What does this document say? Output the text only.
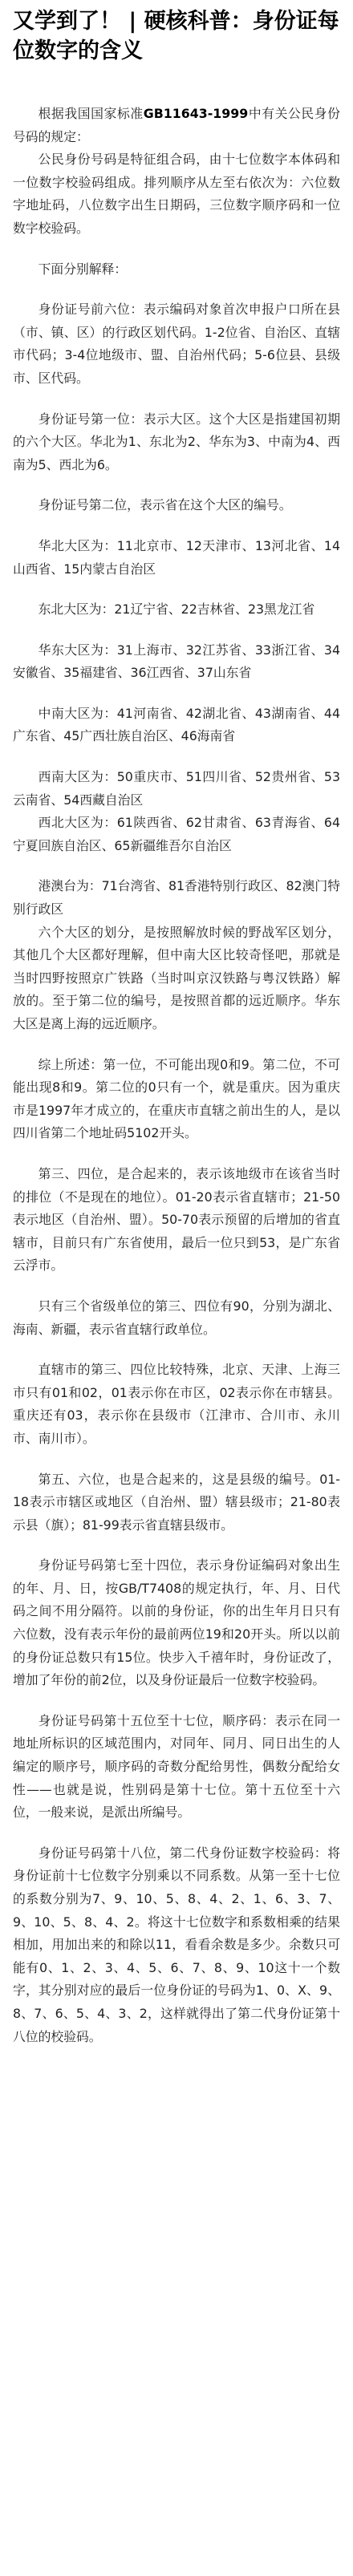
又学到了！ | 硬核科普：身份证每位数字的含义

根据我国国家标准GB11643-1999中有关公民身份号码的规定：

公民身份号码是特征组合码，由十七位数字本体码和一位数字校验码组成。排列顺序从左至右依次为：六位数字地址码，八位数字出生日期码，三位数字顺序码和一位数字校验码。

下面分别解释：

身份证号前六位：表示编码对象首次申报户口所在县（市、镇、区）的行政区划代码。1-2位省、自治区、直辖市代码；3-4位地级市、盟、自治州代码；5-6位县、县级市、区代码。

身份证号第一位：表示大区。这个大区是指建国初期的六个大区。华北为1、东北为2、华东为3、中南为4、西南为5、西北为6。

身份证号第二位，表示省在这个大区的编号。

华北大区为：11北京市、12天津市、13河北省、14山西省、15内蒙古自治区

东北大区为：21辽宁省、22吉林省、23黑龙江省

华东大区为：31上海市、32江苏省、33浙江省、34安徽省、35福建省、36江西省、37山东省

中南大区为：41河南省、42湖北省、43湖南省、44广东省、45广西壮族自治区、46海南省

西南大区为：50重庆市、51四川省、52贵州省、53云南省、54西藏自治区

西北大区为：61陕西省、62甘肃省、63青海省、64宁夏回族自治区、65新疆维吾尔自治区

港澳台为：71台湾省、81香港特别行政区、82澳门特别行政区

六个大区的划分，是按照解放时候的野战军区划分，其他几个大区都好理解，但中南大区比较奇怪吧，那就是当时四野按照京广铁路（当时叫京汉铁路与粤汉铁路）解放的。至于第二位的编号，是按照首都的远近顺序。华东大区是离上海的远近顺序。

综上所述：第一位，不可能出现0和9。第二位，不可能出现8和9。第二位的0只有一个，就是重庆。因为重庆市是1997年才成立的，在重庆市直辖之前出生的人，是以四川省第二个地址码5102开头。

第三、四位，是合起来的，表示该地级市在该省当时的排位（不是现在的地位）。01-20表示省直辖市；21-50表示地区（自治州、盟）。50-70表示预留的后增加的省直辖市，目前只有广东省使用，最后一位只到53，是广东省云浮市。

只有三个省级单位的第三、四位有90，分别为湖北、海南、新疆，表示省直辖行政单位。

直辖市的第三、四位比较特殊，北京、天津、上海三市只有01和02，01表示你在市区，02表示你在市辖县。重庆还有03，表示你在县级市（江津市、合川市、永川市、南川市）。

第五、六位，也是合起来的，这是县级的编号。01-18表示市辖区或地区（自治州、盟）辖县级市；21-80表示县（旗）；81-99表示省直辖县级市。

身份证号码第七至十四位，表示身份证编码对象出生的年、月、日，按GB/T7408的规定执行，年、月、日代码之间不用分隔符。以前的身份证，你的出生年月日只有六位数，没有表示年份的最前两位19和20开头。所以以前的身份证总数只有15位。快步入千禧年时，身份证改了，增加了年份的前2位，以及身份证最后一位数字校验码。

身份证号码第十五位至十七位，顺序码：表示在同一地址所标识的区域范围内，对同年、同月、同日出生的人编定的顺序号，顺序码的奇数分配给男性，偶数分配给女性——也就是说，性别码是第十七位。第十五位至十六位，一般来说，是派出所编号。

身份证号码第十八位，第二代身份证数字校验码：将身份证前十七位数字分别乘以不同系数。从第一至十七位的系数分别为7、9、10、5、8、4、2、1、6、3、7、9、10、5、8、4、2。将这十七位数字和系数相乘的结果相加，用加出来的和除以11，看看余数是多少。余数只可能有0、1、2、3、4、5、6、7、8、9、10这十一个数字，其分别对应的最后一位身份证的号码为1、0、X、9、8、7、6、5、4、3、2，这样就得出了第二代身份证第十八位的校验码。
